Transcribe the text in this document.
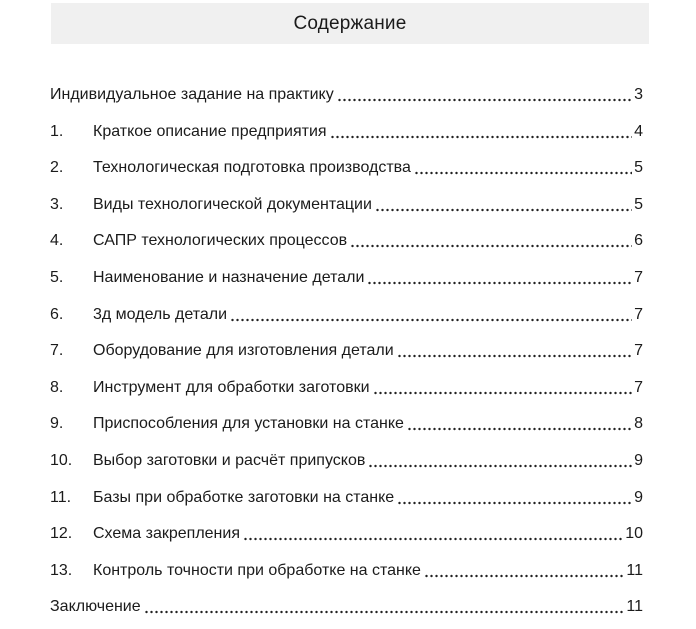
Содержание
Индивидуальное задание на практику	3
1.	Краткое описание предприятия	4
2.	Технологическая подготовка производства	5
3.	Виды технологической документации	5
4.	САПР технологических процессов	6
5.	Наименование и назначение детали	7
6.	3д модель детали	7
7.	Оборудование для изготовления детали	7
8.	Инструмент для обработки заготовки	7
9.	Приспособления для установки на станке	8
10.	Выбор заготовки и расчёт припусков	9
11.	Базы при обработке заготовки на станке	9
12.	Схема закрепления	10
13.	Контроль точности при обработке на станке	11
Заключение	11
